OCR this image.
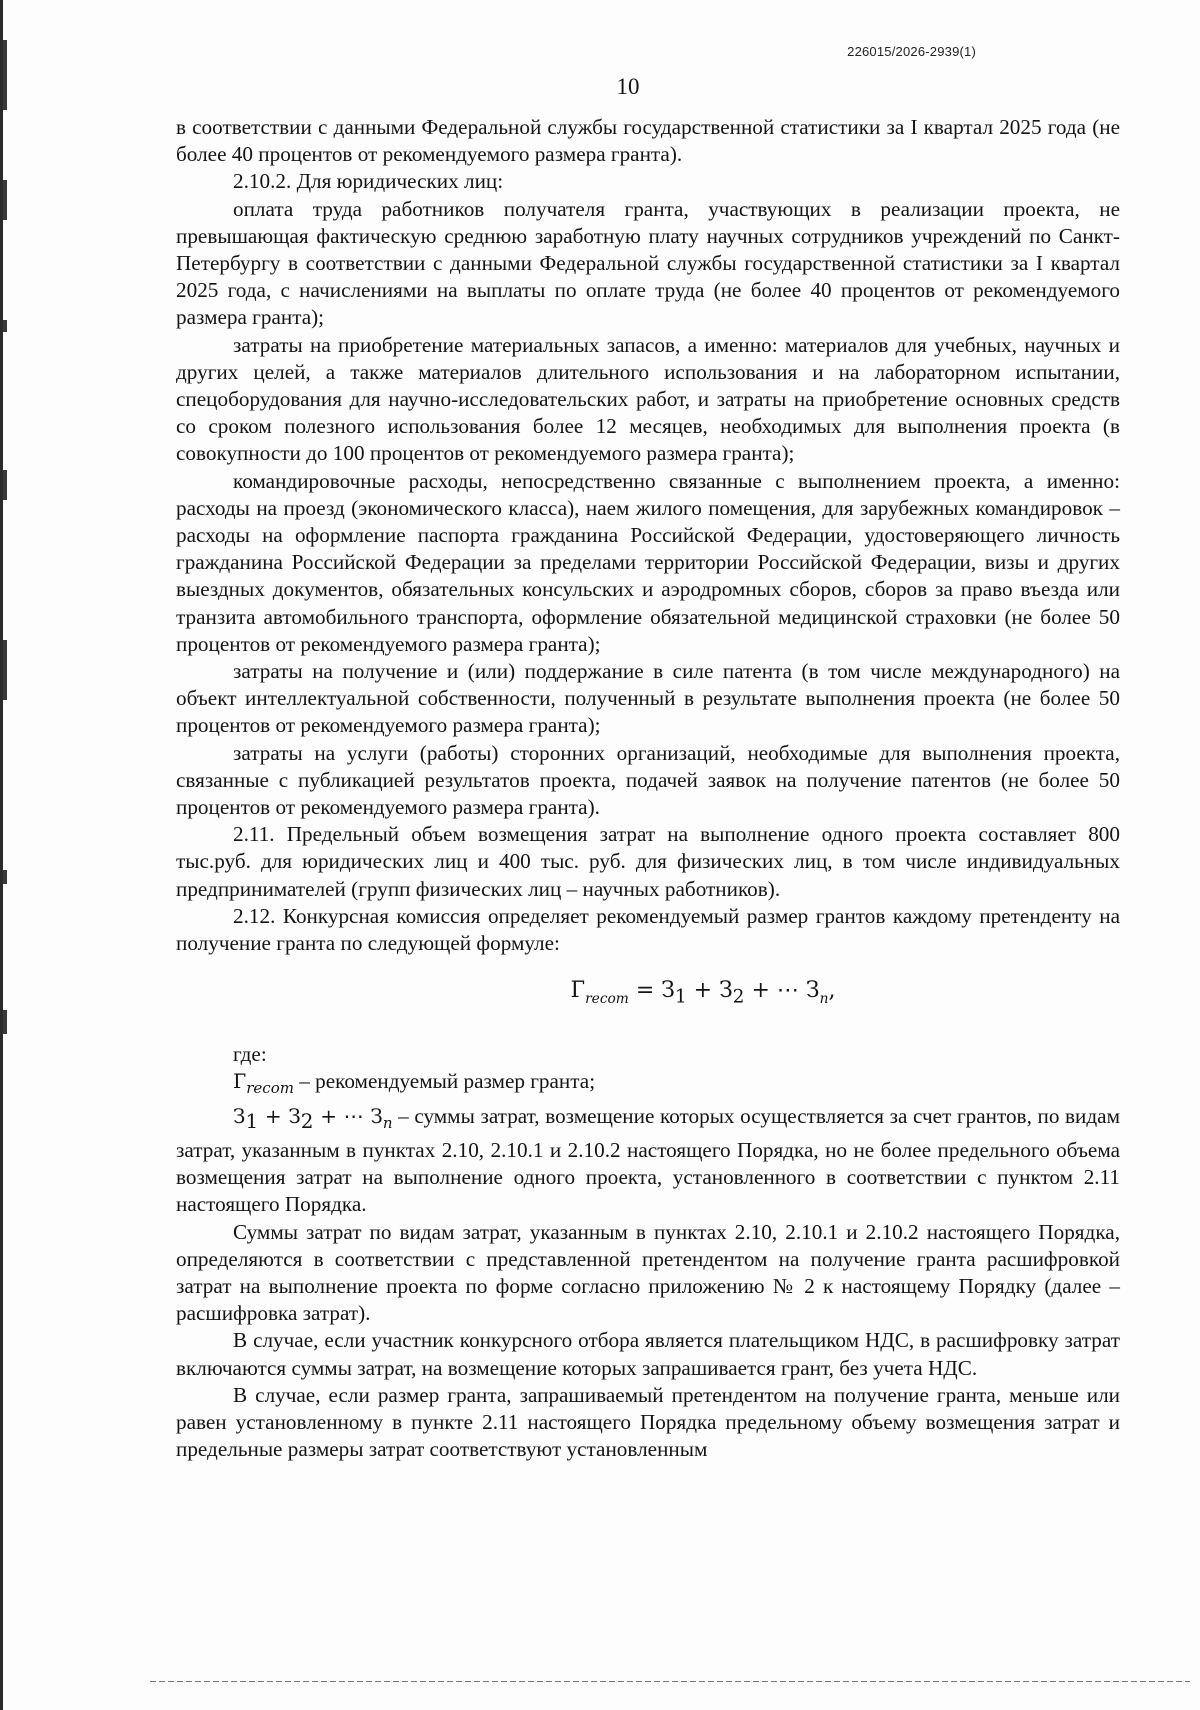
226015/2026-2939(1)
10

в соответствии с данными Федеральной службы государственной статистики за I квартал 2025 года (не более 40 процентов от рекомендуемого размера гранта).

2.10.2. Для юридических лиц:

оплата труда работников получателя гранта, участвующих в реализации проекта, не превышающая фактическую среднюю заработную плату научных сотрудников учреждений по Санкт-Петербургу в соответствии с данными Федеральной службы государственной статистики за I квартал 2025 года, с начислениями на выплаты по оплате труда (не более 40 процентов от рекомендуемого размера гранта);

затраты на приобретение материальных запасов, а именно: материалов для учебных, научных и других целей, а также материалов длительного использования и на лабораторном испытании, спецоборудования для научно-исследовательских работ, и затраты на приобретение основных средств со сроком полезного использования более 12 месяцев, необходимых для выполнения проекта (в совокупности до 100 процентов от рекомендуемого размера гранта);

командировочные расходы, непосредственно связанные с выполнением проекта, а именно: расходы на проезд (экономического класса), наем жилого помещения, для зарубежных командировок – расходы на оформление паспорта гражданина Российской Федерации, удостоверяющего личность гражданина Российской Федерации за пределами территории Российской Федерации, визы и других выездных документов, обязательных консульских и аэродромных сборов, сборов за право въезда или транзита автомобильного транспорта, оформление обязательной медицинской страховки (не более 50 процентов от рекомендуемого размера гранта);

затраты на получение и (или) поддержание в силе патента (в том числе международного) на объект интеллектуальной собственности, полученный в результате выполнения проекта (не более 50 процентов от рекомендуемого размера гранта);

затраты на услуги (работы) сторонних организаций, необходимые для выполнения проекта, связанные с публикацией результатов проекта, подачей заявок на получение патентов (не более 50 процентов от рекомендуемого размера гранта).

2.11. Предельный объем возмещения затрат на выполнение одного проекта составляет 800 тыс.руб. для юридических лиц и 400 тыс. руб. для физических лиц, в том числе индивидуальных предпринимателей (групп физических лиц – научных работников).

2.12. Конкурсная комиссия определяет рекомендуемый размер грантов каждому претенденту на получение гранта по следующей формуле:

$Г_{recom} = З_1 + З_2$ + ⋯ $З_n$,

где:

$Г_{recom}$ – рекомендуемый размер гранта;

$З_1 + З_2$ + ⋯ $З_n$ – суммы затрат, возмещение которых осуществляется за счет грантов, по видам затрат, указанным в пунктах 2.10, 2.10.1 и 2.10.2 настоящего Порядка, но не более предельного объема возмещения затрат на выполнение одного проекта, установленного в соответствии с пунктом 2.11 настоящего Порядка.

Суммы затрат по видам затрат, указанным в пунктах 2.10, 2.10.1 и 2.10.2 настоящего Порядка, определяются в соответствии с представленной претендентом на получение гранта расшифровкой затрат на выполнение проекта по форме согласно приложению № 2 к настоящему Порядку (далее – расшифровка затрат).

В случае, если участник конкурсного отбора является плательщиком НДС, в расшифровку затрат включаются суммы затрат, на возмещение которых запрашивается грант, без учета НДС.

В случае, если размер гранта, запрашиваемый претендентом на получение гранта, меньше или равен установленному в пункте 2.11 настоящего Порядка предельному объему возмещения затрат и предельные размеры затрат соответствуют установленным
